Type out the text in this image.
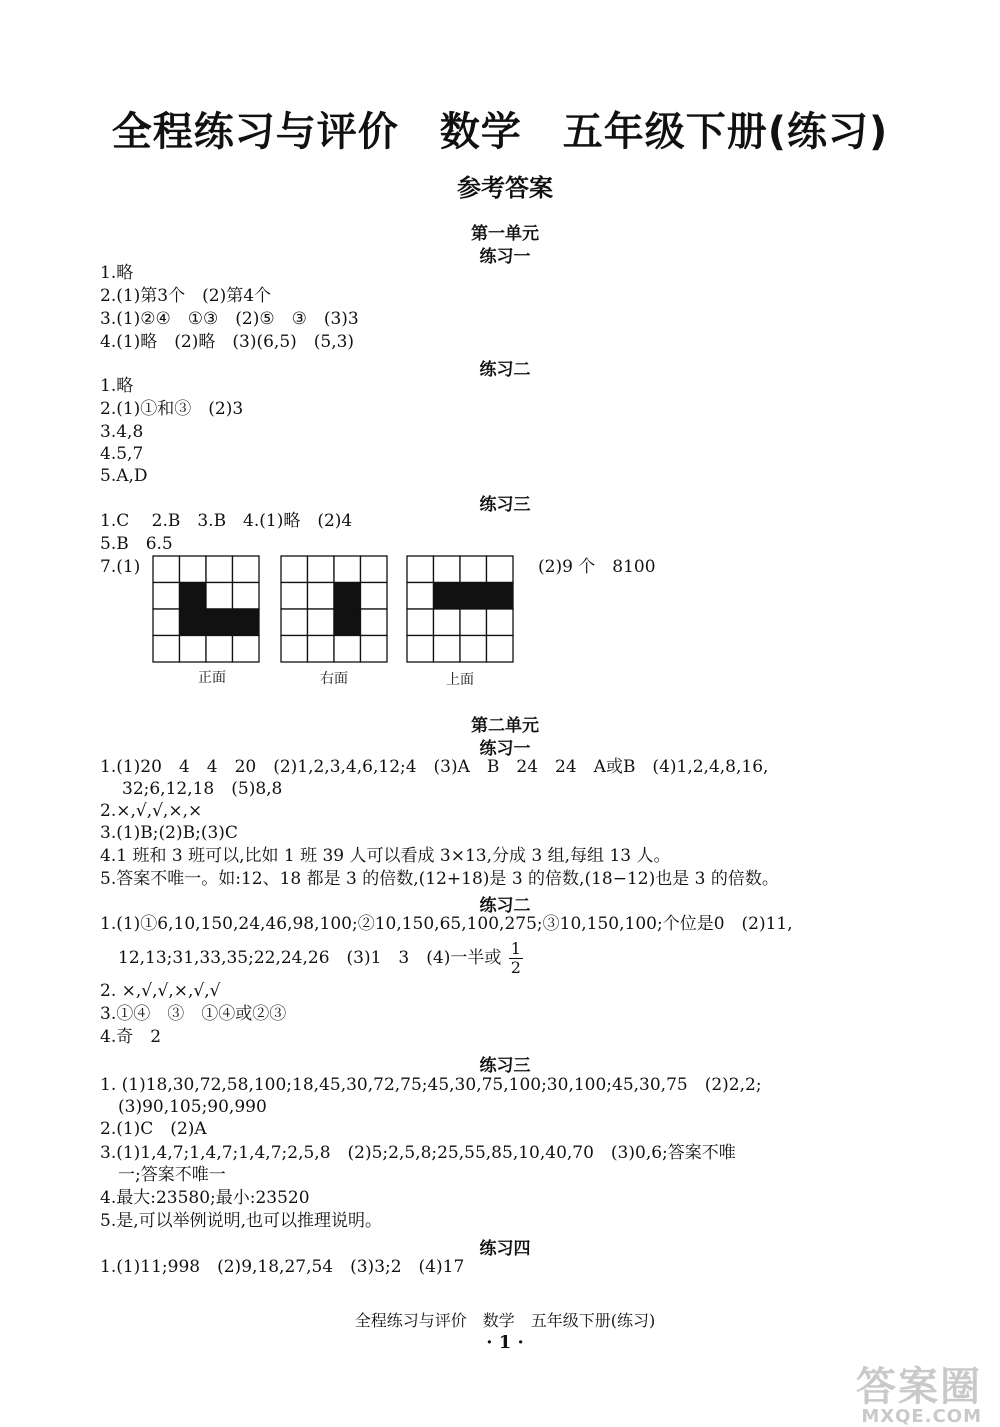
全程练习与评价　数学　五年级下册(练习)
参考答案
第一单元
练习一
1.略
2.(1)第3个　(2)第4个
3.(1)②④　①③　(2)⑤　③　(3)3
4.(1)略　(2)略　(3)(6,5)　(5,3)
练习二
1.略
2.(1)①和③　(2)3
3.4,8
4.5,7
5.A,D
练习三
1.C　 2.B　3.B　4.(1)略　(2)4
5.B　6.5
7.(1)	(2)9 个　8100
正面	右面	上面
第二单元
练习一
1.(1)20　4　4　20　(2)1,2,3,4,6,12;4　(3)A　B　24　24　A或B　(4)1,2,4,8,16,
32;6,12,18　(5)8,8
2.×,√,√,×,×
3.(1)B;(2)B;(3)C
4.1 班和 3 班可以,比如 1 班 39 人可以看成 3×13,分成 3 组,每组 13 人。
5.答案不唯一。如:12、18 都是 3 的倍数,(12+18)是 3 的倍数,(18−12)也是 3 的倍数。
练习二
1.(1)①6,10,150,24,46,98,100;②10,150,65,100,275;③10,150,100;个位是0　(2)11,
12,13;31,33,35;22,24,26　(3)1　3　(4)一半或 $\frac{1}{2}$
2. ×,√,√,×,√,√
3.①④　③　①④或②③
4.奇　2
练习三
1. (1)18,30,72,58,100;18,45,30,72,75;45,30,75,100;30,100;45,30,75　(2)2,2;
(3)90,105;90,990
2.(1)C　(2)A
3.(1)1,4,7;1,4,7;1,4,7;2,5,8　(2)5;2,5,8;25,55,85,10,40,70　(3)0,6;答案不唯
一;答案不唯一
4.最大:23580;最小:23520
5.是,可以举例说明,也可以推理说明。
练习四
1.(1)11;998　(2)9,18,27,54　(3)3;2　(4)17
全程练习与评价　数学　五年级下册(练习)
· 1 ·
答案圈
MXQE.COM
